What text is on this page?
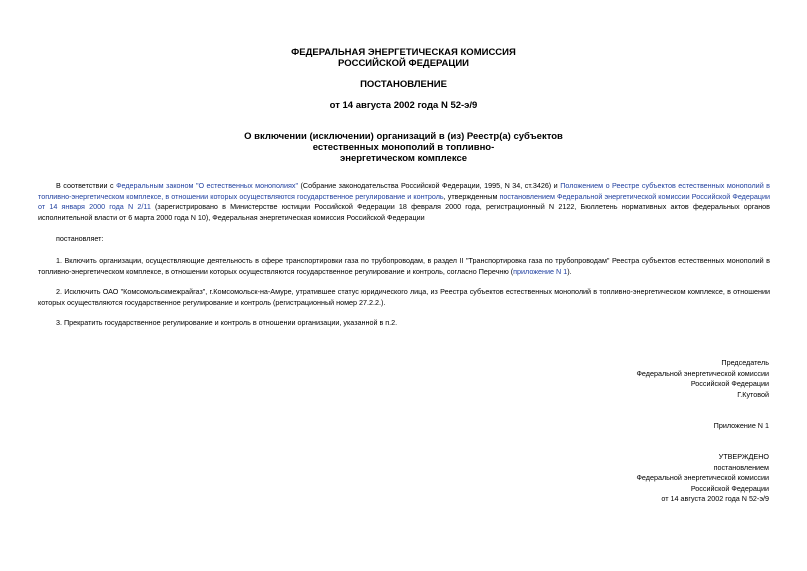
ФЕДЕРАЛЬНАЯ ЭНЕРГЕТИЧЕСКАЯ КОМИССИЯ
РОССИЙСКОЙ ФЕДЕРАЦИИ
ПОСТАНОВЛЕНИЕ
от 14 августа 2002 года N 52-э/9
О включении (исключении) организаций в (из) Реестр(а) субъектов
естественных монополий в топливно-
энергетическом комплексе
В соответствии с Федеральным законом "О естественных монополиях" (Собрание законодательства Российской Федерации, 1995, N 34, ст.3426) и Положением о Реестре субъектов естественных монополий в топливно-энергетическом комплексе, в отношении которых осуществляются государственное регулирование и контроль, утвержденным постановлением Федеральной энергетической комиссии Российской Федерации от 14 января 2000 года N 2/11 (зарегистрировано в Министерстве юстиции Российской Федерации 18 февраля 2000 года, регистрационный N 2122, Бюллетень нормативных актов федеральных органов исполнительной власти от 6 марта 2000 года N 10), Федеральная энергетическая комиссия Российской Федерации
постановляет:
1. Включить организации, осуществляющие деятельность в сфере транспортировки газа по трубопроводам, в раздел II "Транспортировка газа по трубопроводам" Реестра субъектов естественных монополий в топливно-энергетическом комплексе, в отношении которых осуществляются государственное регулирование и контроль, согласно Перечню (приложение N 1).
2. Исключить ОАО "Комсомольскмежрайгаз", г.Комсомольск-на-Амуре, утратившее статус юридического лица, из Реестра субъектов естественных монополий в топливно-энергетическом комплексе, в отношении которых осуществляются государственное регулирование и контроль (регистрационный номер 27.2.2.).
3. Прекратить государственное регулирование и контроль в отношении организации, указанной в п.2.
Председатель
Федеральной энергетической комиссии
Российской Федерации
Г.Кутовой
Приложение N 1
УТВЕРЖДЕНО
постановлением
Федеральной энергетической комиссии
Российской Федерации
от 14 августа 2002 года N 52-э/9
